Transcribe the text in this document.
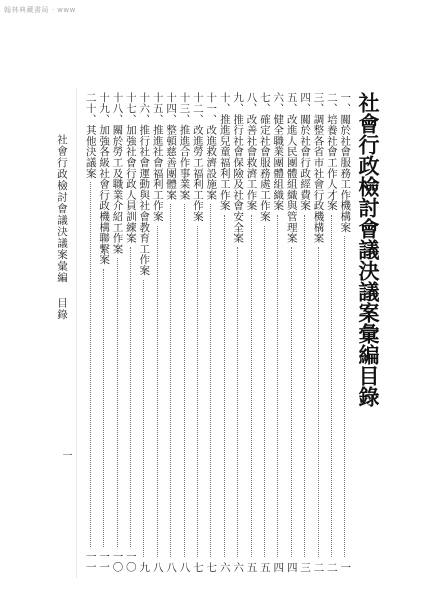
翰林典藏書局 · www
社會行政檢討會議決議案彙編目錄
一、關於社會服務工作機構案
一
二、培養社會工作人才案
二
三、調整各省市社會行政機構案
二
四、關於社會行政經費案
三
五、改進人民團體組織與管理案
四
六、健全職業團體組織案
四
七、確定社會服務處工作案
五
八、改善社會救濟工作案
五
九、推行社會保險及社會安全案
六
十、推進兒童福利工作案
六
十一、改進救濟設施案
七
十二、改進勞工福利工作案
七
十三、推進合作事業案
八
十四、整頓慈善團體案
八
十五、推進社會福利工作案
八
十六、推行社會運動與社會教育工作案
九
十七、加強社會行政人員訓練案
一〇
十八、關於勞工及職業介紹工作案
一〇
十九、加強各級社會行政機構聯繫案
一一
二十、其他決議案
一一
社會行政檢討會議決議案彙編目錄
一
